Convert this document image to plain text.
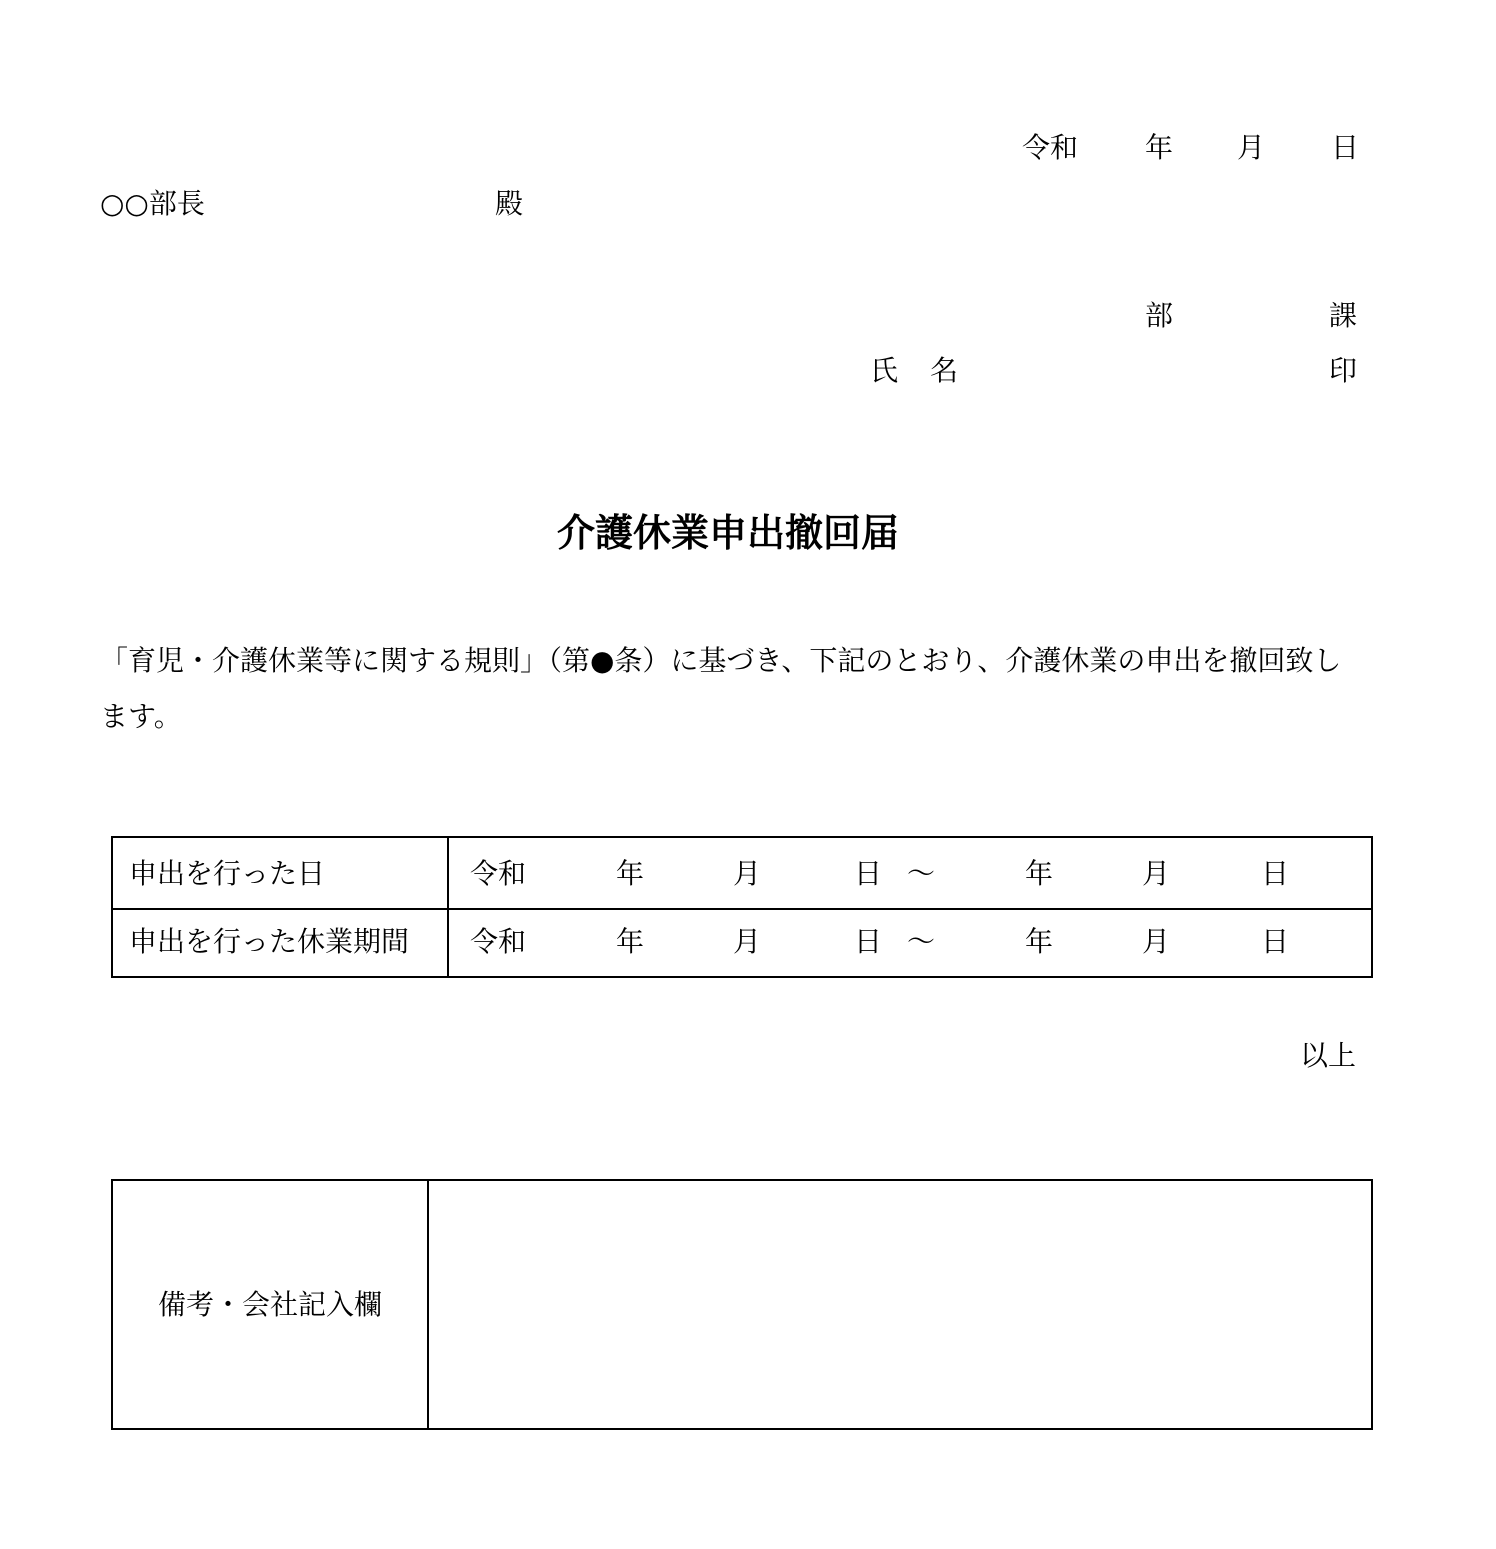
令和 年 月 日
○○部長	殿
部	課
氏名	印
介護休業申出撤回届
「育児・介護休業等に関する規則」（第●条）に基づき、下記のとおり、介護休業の申出を撤回致します。
申出を行った日	令和	年	月	日 ～	年	月	日
申出を行った休業期間 令和	年	月	日 ～	年	月	日
以上
備考・会社記入欄
